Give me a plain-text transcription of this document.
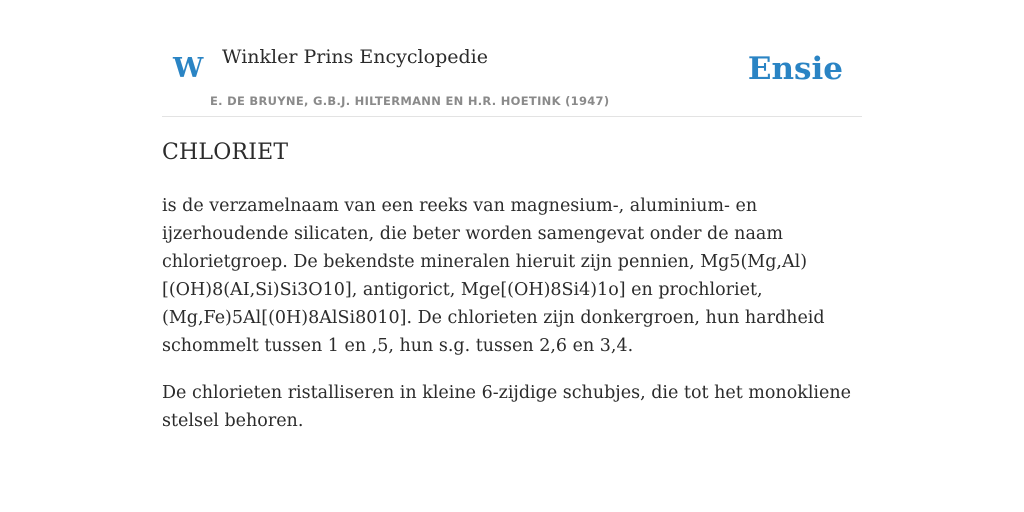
W Winkler Prins Encyclopedie
E. DE BRUYNE, G.B.J. HILTERMANN EN H.R. HOETINK (1947)
Ensie
CHLORIET

is de verzamelnaam van een reeks van magnesium-, aluminium- en ijzerhoudende silicaten, die beter worden samengevat onder de naam chlorietgroep. De bekendste mineralen hieruit zijn pennien, Mg5(Mg,Al)[(OH)8(AI,Si)Si3O10], antigorict, Mge[(OH)8Si4)1o] en prochloriet, (Mg,Fe)5Al[(0H)8AlSi8010]. De chlorieten zijn donkergroen, hun hardheid schommelt tussen 1 en ,5, hun s.g. tussen 2,6 en 3,4.

De chlorieten ristalliseren in kleine 6-zijdige schubjes, die tot het monokliene stelsel behoren.
